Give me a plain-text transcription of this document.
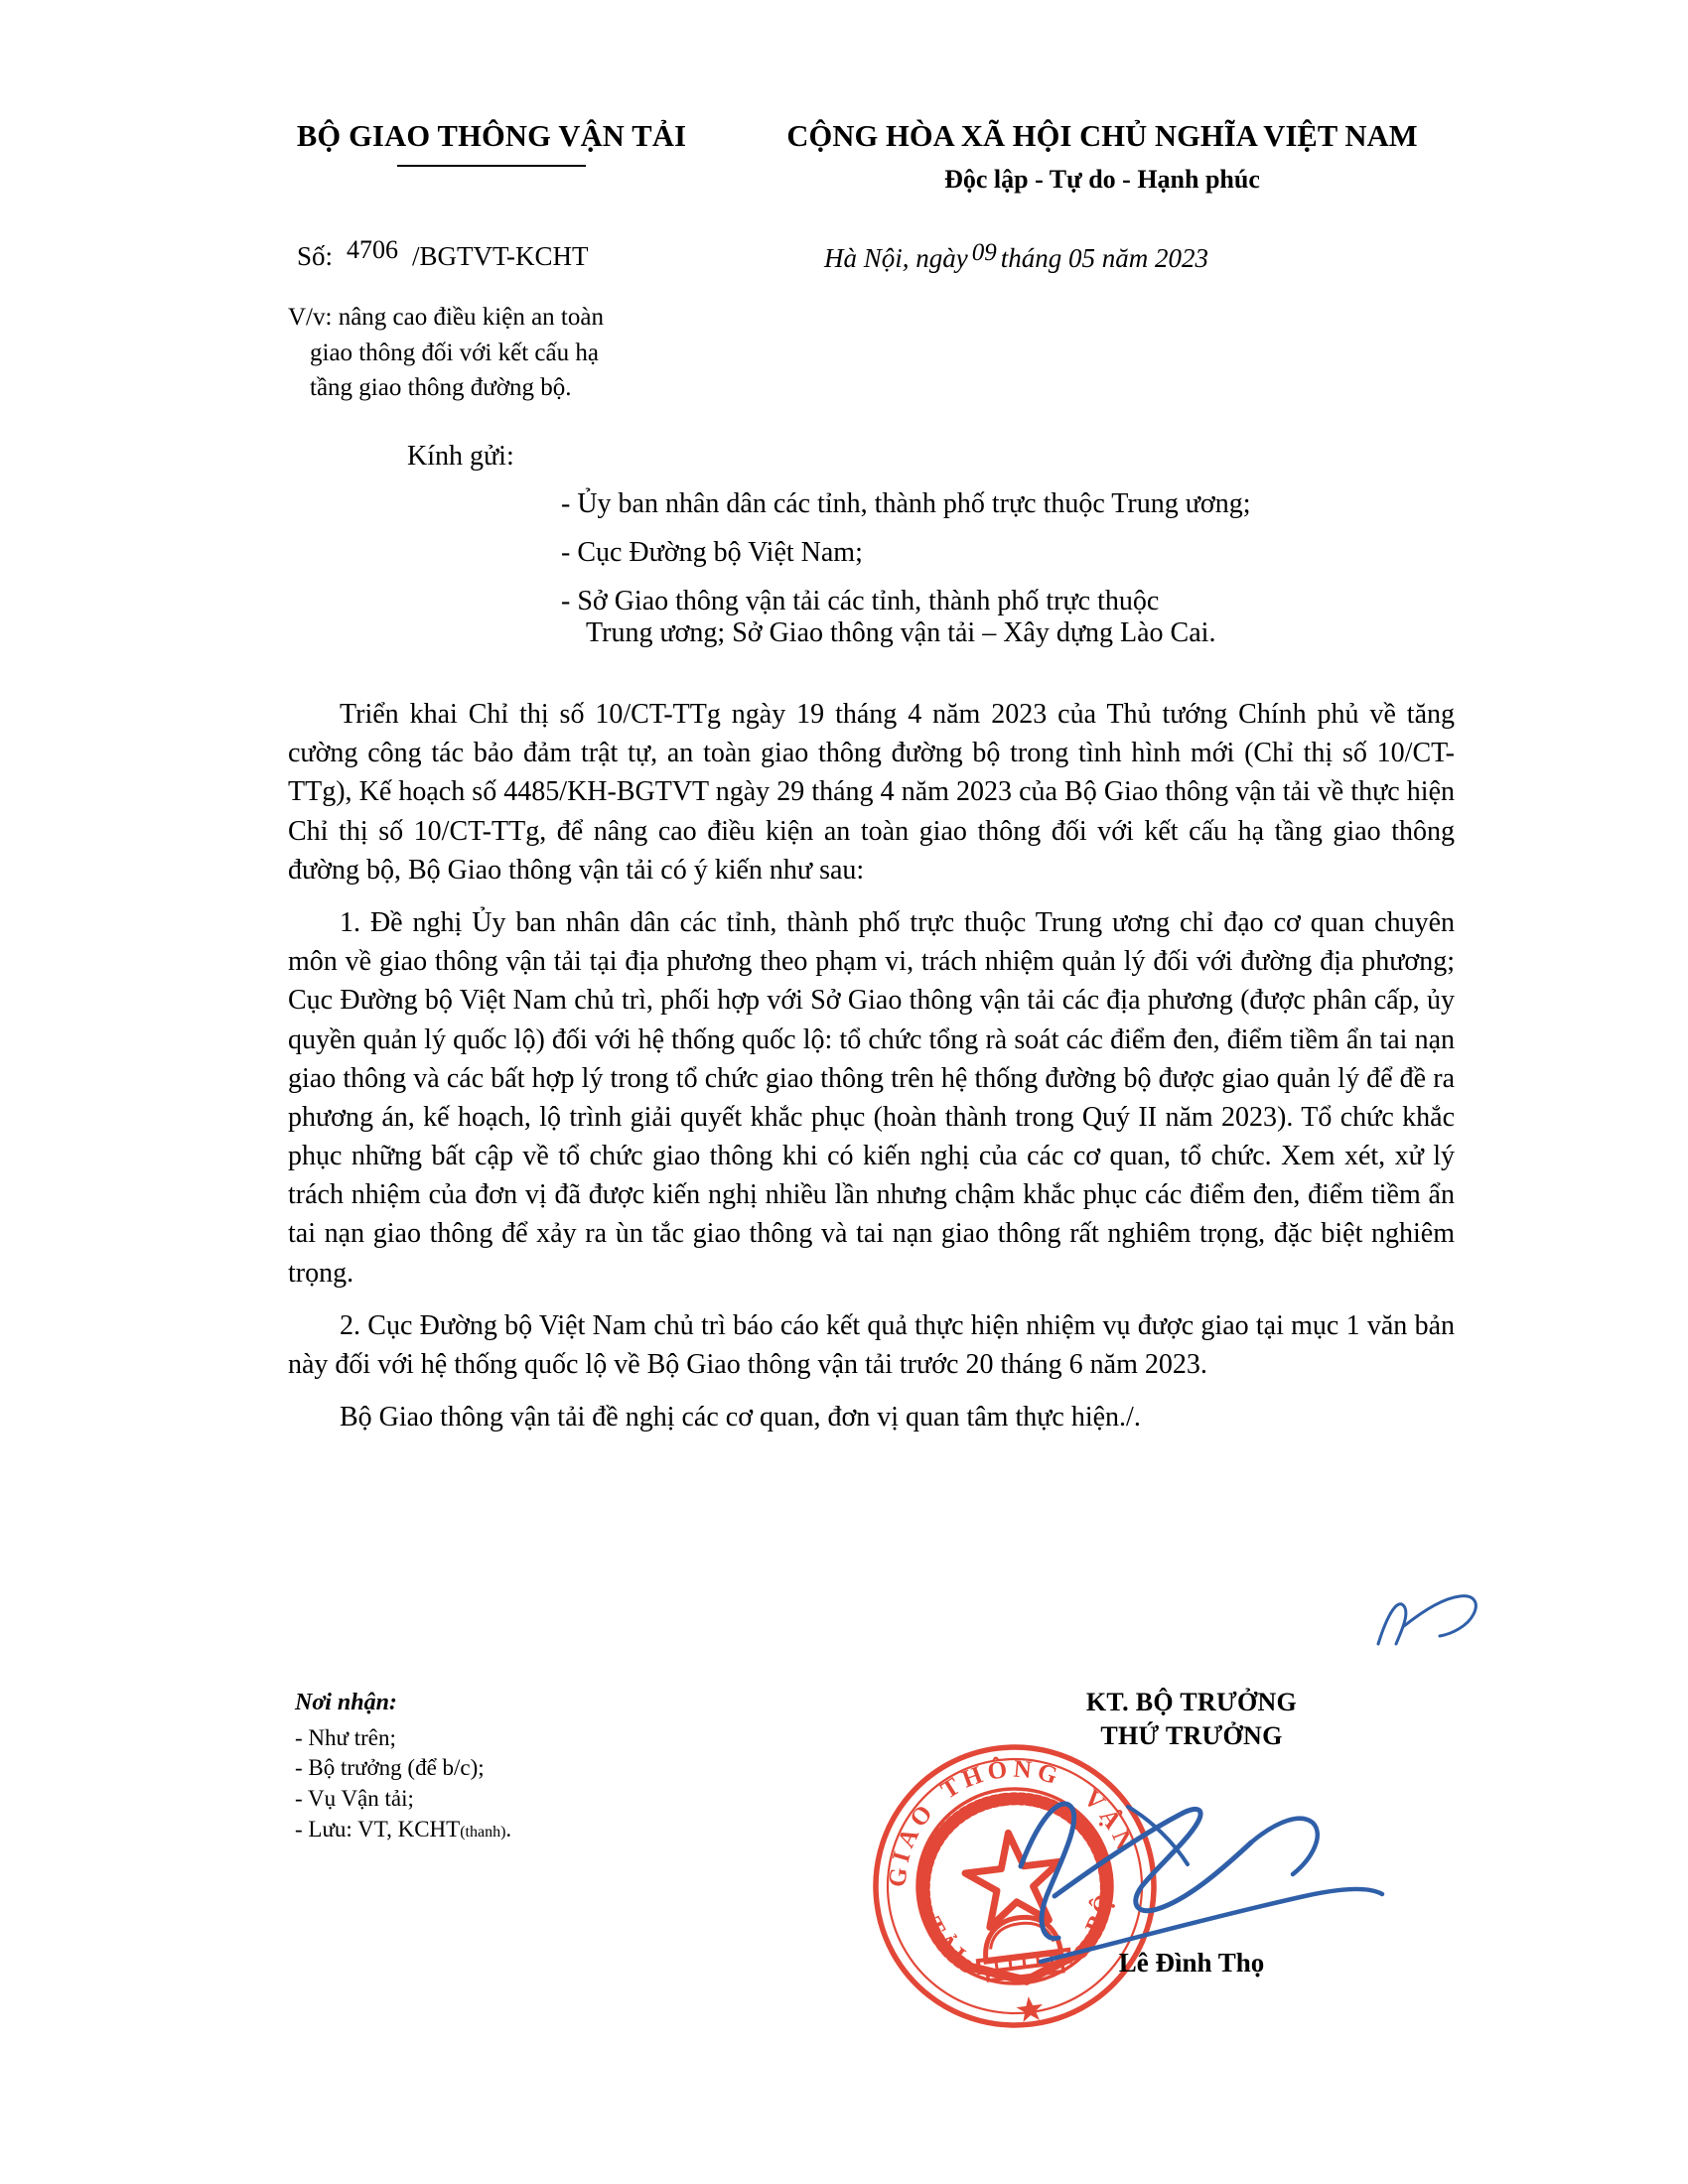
BỘ GIAO THÔNG VẬN TẢI	CỘNG HÒA XÃ HỘI CHỦ NGHĨA VIỆT NAM
Độc lập - Tự do - Hạnh phúc
Số: 4706 /BGTVT-KCHT	Hà Nội, ngày 09 tháng 05 năm 2023
V/v: nâng cao điều kiện an toàn
giao thông đối với kết cấu hạ
tầng giao thông đường bộ.
Kính gửi:
- Ủy ban nhân dân các tỉnh, thành phố trực thuộc Trung ương;
- Cục Đường bộ Việt Nam;
- Sở Giao thông vận tải các tỉnh, thành phố trực thuộc
Trung ương; Sở Giao thông vận tải – Xây dựng Lào Cai.

Triển khai Chỉ thị số 10/CT-TTg ngày 19 tháng 4 năm 2023 của Thủ tướng Chính phủ về tăng cường công tác bảo đảm trật tự, an toàn giao thông đường bộ trong tình hình mới (Chỉ thị số 10/CT-TTg), Kế hoạch số 4485/KH-BGTVT ngày 29 tháng 4 năm 2023 của Bộ Giao thông vận tải về thực hiện Chỉ thị số 10/CT-TTg, để nâng cao điều kiện an toàn giao thông đối với kết cấu hạ tầng giao thông đường bộ, Bộ Giao thông vận tải có ý kiến như sau:

1. Đề nghị Ủy ban nhân dân các tỉnh, thành phố trực thuộc Trung ương chỉ đạo cơ quan chuyên môn về giao thông vận tải tại địa phương theo phạm vi, trách nhiệm quản lý đối với đường địa phương; Cục Đường bộ Việt Nam chủ trì, phối hợp với Sở Giao thông vận tải các địa phương (được phân cấp, ủy quyền quản lý quốc lộ) đối với hệ thống quốc lộ: tổ chức tổng rà soát các điểm đen, điểm tiềm ẩn tai nạn giao thông và các bất hợp lý trong tổ chức giao thông trên hệ thống đường bộ được giao quản lý để đề ra phương án, kế hoạch, lộ trình giải quyết khắc phục (hoàn thành trong Quý II năm 2023). Tổ chức khắc phục những bất cập về tổ chức giao thông khi có kiến nghị của các cơ quan, tổ chức. Xem xét, xử lý trách nhiệm của đơn vị đã được kiến nghị nhiều lần nhưng chậm khắc phục các điểm đen, điểm tiềm ẩn tai nạn giao thông để xảy ra ùn tắc giao thông và tai nạn giao thông rất nghiêm trọng, đặc biệt nghiêm trọng.

2. Cục Đường bộ Việt Nam chủ trì báo cáo kết quả thực hiện nhiệm vụ được giao tại mục 1 văn bản này đối với hệ thống quốc lộ về Bộ Giao thông vận tải trước 20 tháng 6 năm 2023.

Bộ Giao thông vận tải đề nghị các cơ quan, đơn vị quan tâm thực hiện./.

Nơi nhận:
- Như trên;
- Bộ trưởng (để b/c);
- Vụ Vận tải;
- Lưu: VT, KCHT(thanh).
KT. BỘ TRƯỞNG
THỨ TRƯỞNG
Lê Đình Thọ
THÔNG
GIAO	VẬN
BỘ
TẢI
